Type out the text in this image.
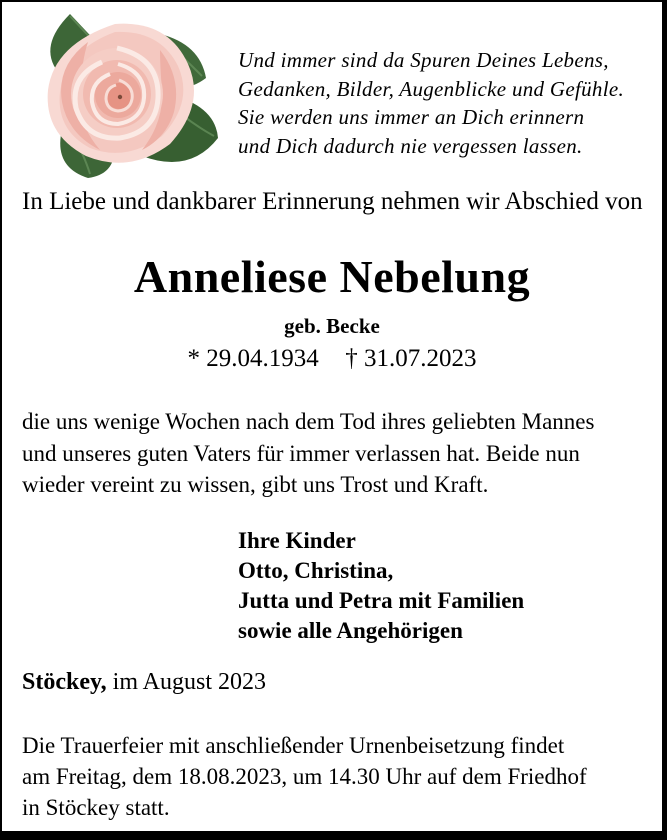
Und immer sind da Spuren Deines Lebens,
Gedanken, Bilder, Augenblicke und Gefühle.
Sie werden uns immer an Dich erinnern
und Dich dadurch nie vergessen lassen.
In Liebe und dankbarer Erinnerung nehmen wir Abschied von
Anneliese Nebelung
geb. Becke
* 29.04.1934 † 31.07.2023
die uns wenige Wochen nach dem Tod ihres geliebten Mannes
und unseres guten Vaters für immer verlassen hat. Beide nun
wieder vereint zu wissen, gibt uns Trost und Kraft.
Ihre Kinder
Otto, Christina,
Jutta und Petra mit Familien
sowie alle Angehörigen
Stöckey, im August 2023
Die Trauerfeier mit anschließender Urnenbeisetzung findet
am Freitag, dem 18.08.2023, um 14.30 Uhr auf dem Friedhof
in Stöckey statt.
